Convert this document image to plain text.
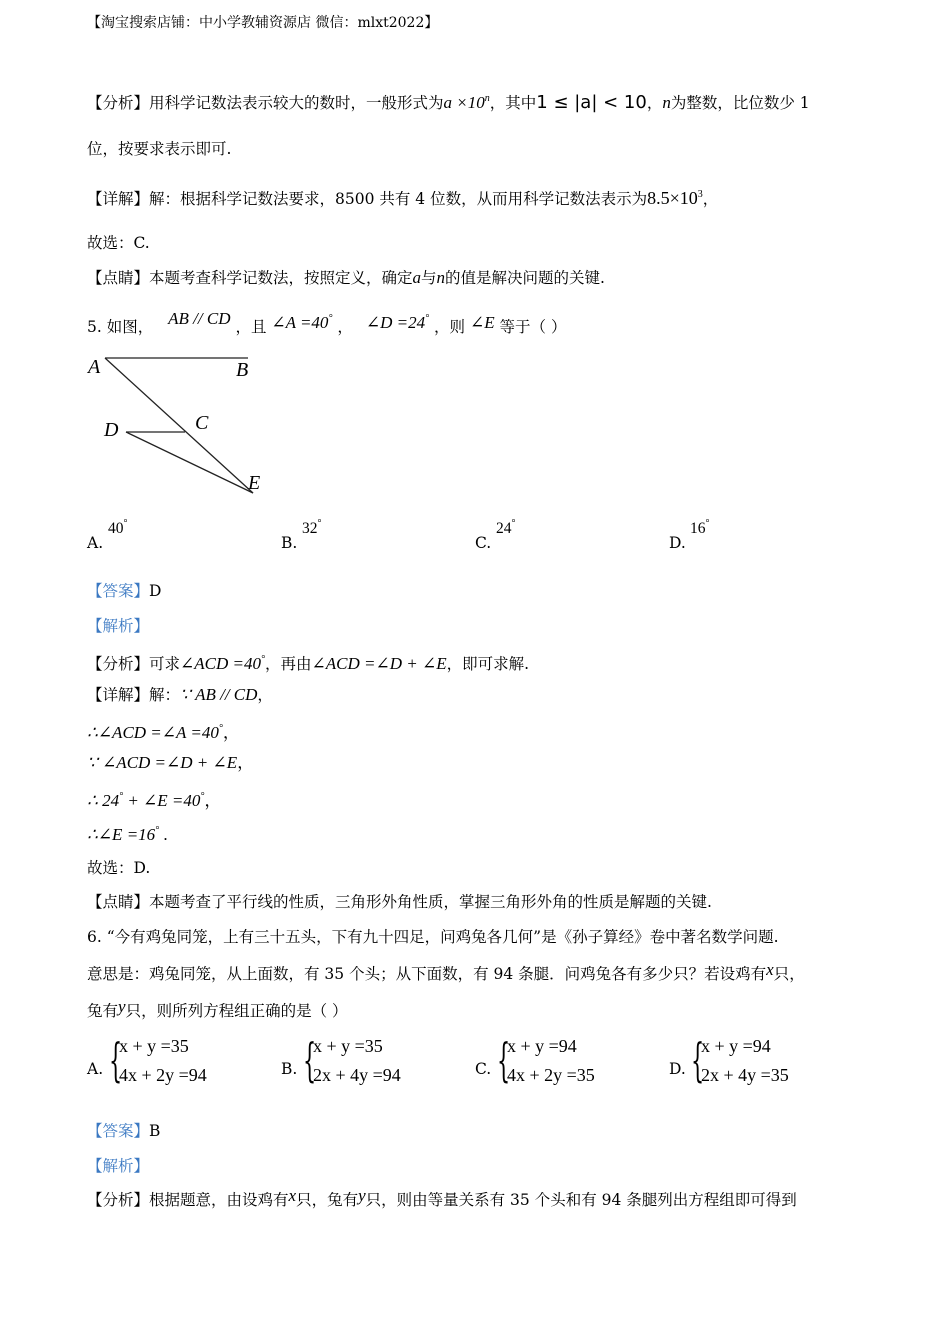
【淘宝搜索店铺：中小学教辅资源店 微信：mlxt2022】
【分析】用科学记数法表示较大的数时，一般形式为$a \times 10^n$，其中1 ≤ |a| < 10，n为整数，比位数少 1
位，按要求表示即可.
【详解】解：根据科学记数法要求，8500 共有 4 位数，从而用科学记数法表示为$8.5\times 10^3$，
故选：C.
【点睛】本题考查科学记数法，按照定义，确定a与n的值是解决问题的关键.
5. 如图， AB // CD ，且 ∠A =40° ， ∠D =24° ，则 ∠E 等于（ ）
A	B
C
D
E
A.
40°
B.
32°
C.
24°
D.
16°
【答案】D
【解析】
【分析】可求∠ACD =40°，再由∠ACD =∠D + ∠E，即可求解.
【详解】解：∵ AB // CD，
∴∠ACD =∠A =40°，
∵ ∠ACD =∠D + ∠E，
∴ 24° + ∠E =40°，
∴∠E =16° .
故选：D.
【点睛】本题考查了平行线的性质，三角形外角性质，掌握三角形外角的性质是解题的关键.
6. “今有鸡兔同笼，上有三十五头，下有九十四足，问鸡兔各几何”是《孙子算经》卷中著名数学问题.
意思是：鸡兔同笼，从上面数，有 35 个头；从下面数，有 94 条腿．问鸡兔各有多少只？若设鸡有x只，
兔有y只，则所列方程组正确的是（ ）
A. {
x + y =35
4x + 2y =94	B. {
x + y =35
2x + 4y =94	C. {
x + y =94
4x + 2y =35	D. {
x + y =94
2x + 4y =35
【答案】B
【解析】
【分析】根据题意，由设鸡有x只，兔有y只，则由等量关系有 35 个头和有 94 条腿列出方程组即可得到
